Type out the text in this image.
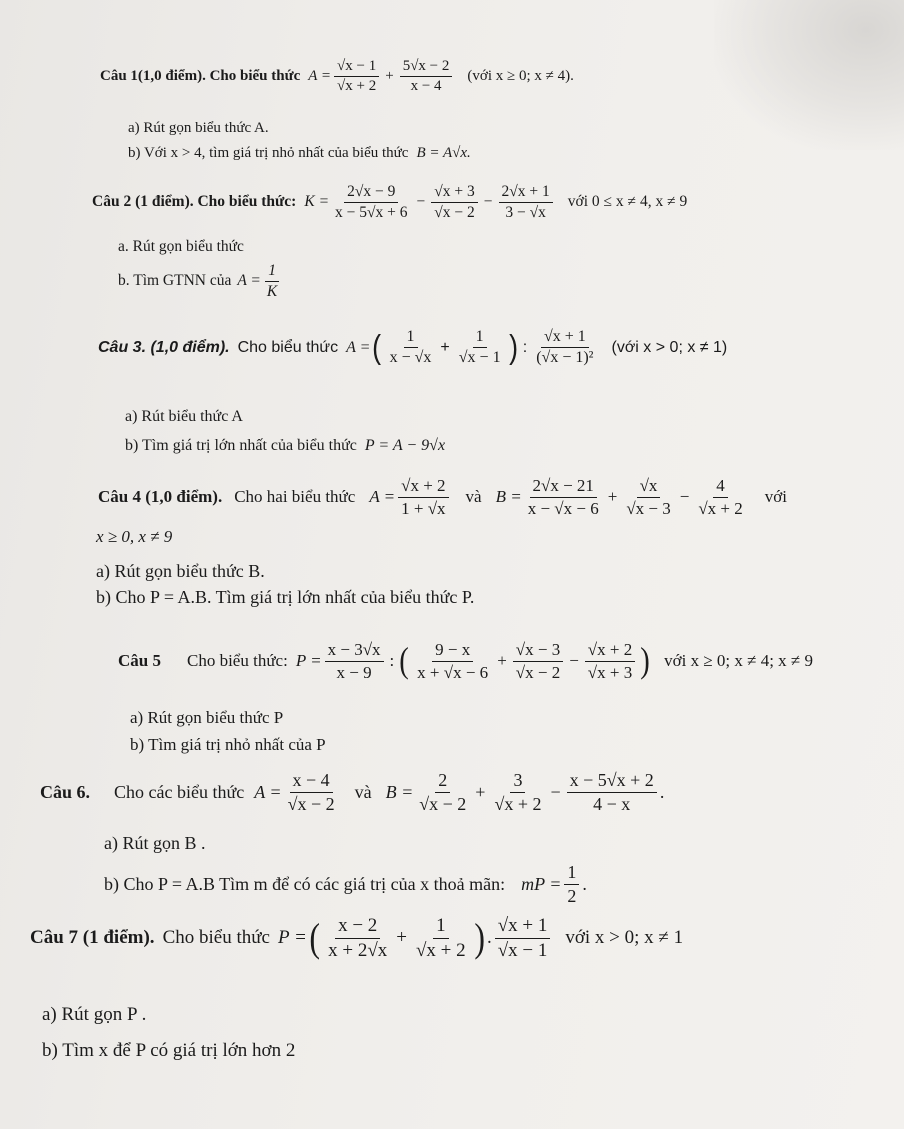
Câu 1(1,0 điểm). Cho biểu thức $A = \frac{√x - 1}{√x + 2} + \frac{5√x - 2}{x - 4}$ (với x ≥ 0; x ≠ 4).
a) Rút gọn biểu thức A.
b) Với x > 4, tìm giá trị nhỏ nhất của biểu thức B = A√x.
Câu 2 (1 điểm). Cho biểu thức: $K = \frac{2√x - 9}{x - 5√x + 6} - \frac{√x + 3}{√x - 2} - \frac{2√x + 1}{3 - √x}$ với 0 ≤ x ≠ 4, x ≠ 9
a. Rút gọn biểu thức
b. Tìm GTNN của $A = \frac{1}{K}$
Câu 3. (1,0 điểm). Cho biểu thức A = ( $\frac{1}{x - √x} + \frac{1}{√x - 1}$ ) : $\frac{√x + 1}{\text{(√x − 1)²}}$ (với x > 0; x ≠ 1)
a) Rút biểu thức A
b) Tìm giá trị lớn nhất của biểu thức P = A − 9√x
Câu 4 (1,0 điểm). Cho hai biểu thức $A = \frac{√x + 2}{1 + √x}$ và $B = \frac{2√x - 21}{x - √x - 6} + \frac{√x}{√x - 3} - \frac{4}{√x + 2}$ với
x ≥ 0, x ≠ 9
a) Rút gọn biểu thức B.
b) Cho P = A.B. Tìm giá trị lớn nhất của biểu thức P.
Câu 5 Cho biểu thức: $P = \frac{x - 3√x}{x - 9}$ : ( $\frac{9 - x}{x + √x - 6} + \frac{√x - 3}{√x - 2} - \frac{√x + 2}{√x + 3}$ ) với x ≥ 0; x ≠ 4; x ≠ 9
a) Rút gọn biểu thức P
b) Tìm giá trị nhỏ nhất của P
Câu 6. Cho các biểu thức $A = \frac{x - 4}{√x - 2}$ và $B = \frac{2}{√x - 2} + \frac{3}{√x + 2} - \frac{x - 5√x + 2}{4 - x}$ .
a) Rút gọn B .
b) Cho P = A.B Tìm m để có các giá trị của x thoả mãn: mP = $\frac{1}{2}$ .
Câu 7 (1 điểm). Cho biểu thức P = ( $\frac{x - 2}{x + 2√x} + \frac{1}{√x + 2}$ ) . $\frac{√x + 1}{√x - 1}$ với x > 0; x ≠ 1
a) Rút gọn P .
b) Tìm x để P có giá trị lớn hơn 2
